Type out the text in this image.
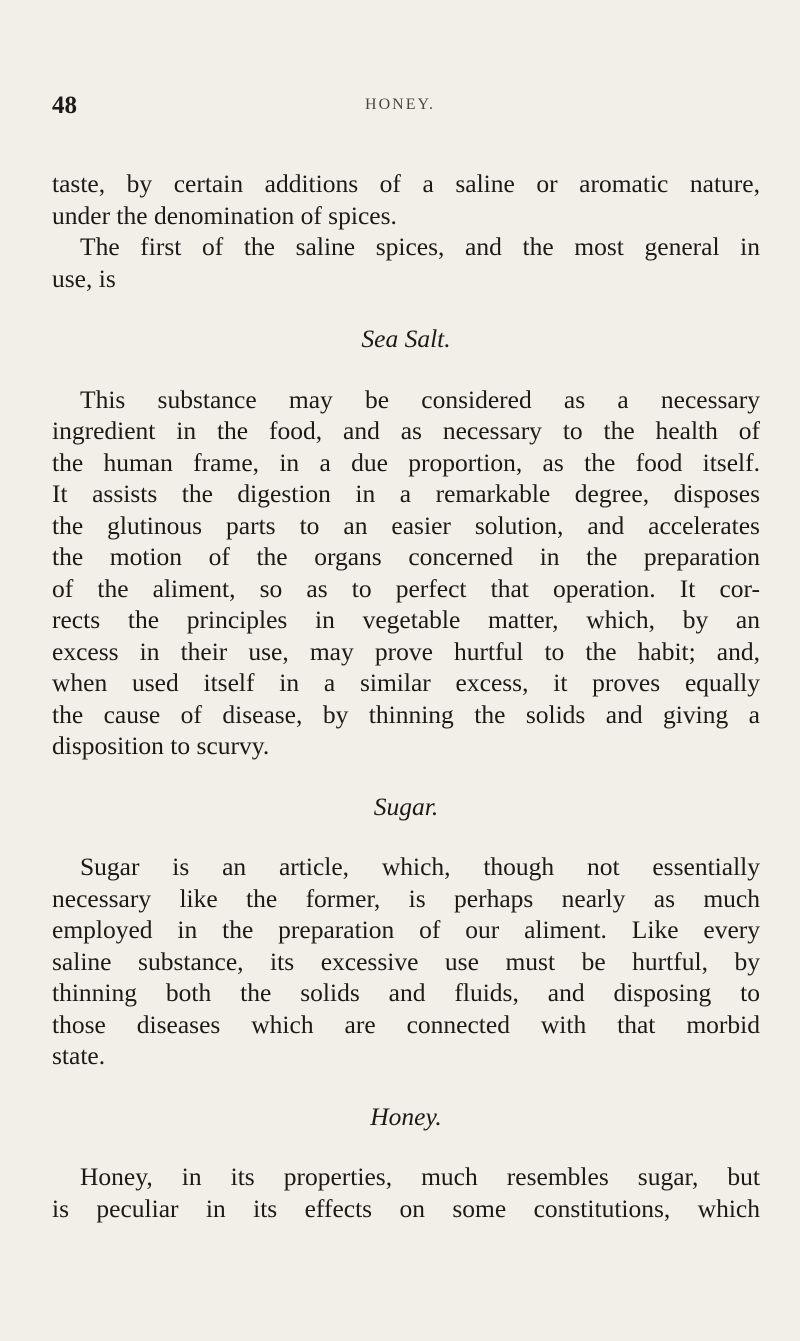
48	HONEY.
taste, by certain additions of a saline or aromatic nature,
under the denomination of spices.
The first of the saline spices, and the most general in
use, is
Sea Salt.
This substance may be considered as a necessary
ingredient in the food, and as necessary to the health of
the human frame, in a due proportion, as the food itself.
It assists the digestion in a remarkable degree, disposes
the glutinous parts to an easier solution, and accelerates
the motion of the organs concerned in the preparation
of the aliment, so as to perfect that operation. It cor-
rects the principles in vegetable matter, which, by an
excess in their use, may prove hurtful to the habit; and,
when used itself in a similar excess, it proves equally
the cause of disease, by thinning the solids and giving a
disposition to scurvy.
Sugar.
Sugar is an article, which, though not essentially
necessary like the former, is perhaps nearly as much
employed in the preparation of our aliment. Like every
saline substance, its excessive use must be hurtful, by
thinning both the solids and fluids, and disposing to
those diseases which are connected with that morbid
state.
Honey.
Honey, in its properties, much resembles sugar, but
is peculiar in its effects on some constitutions, which
